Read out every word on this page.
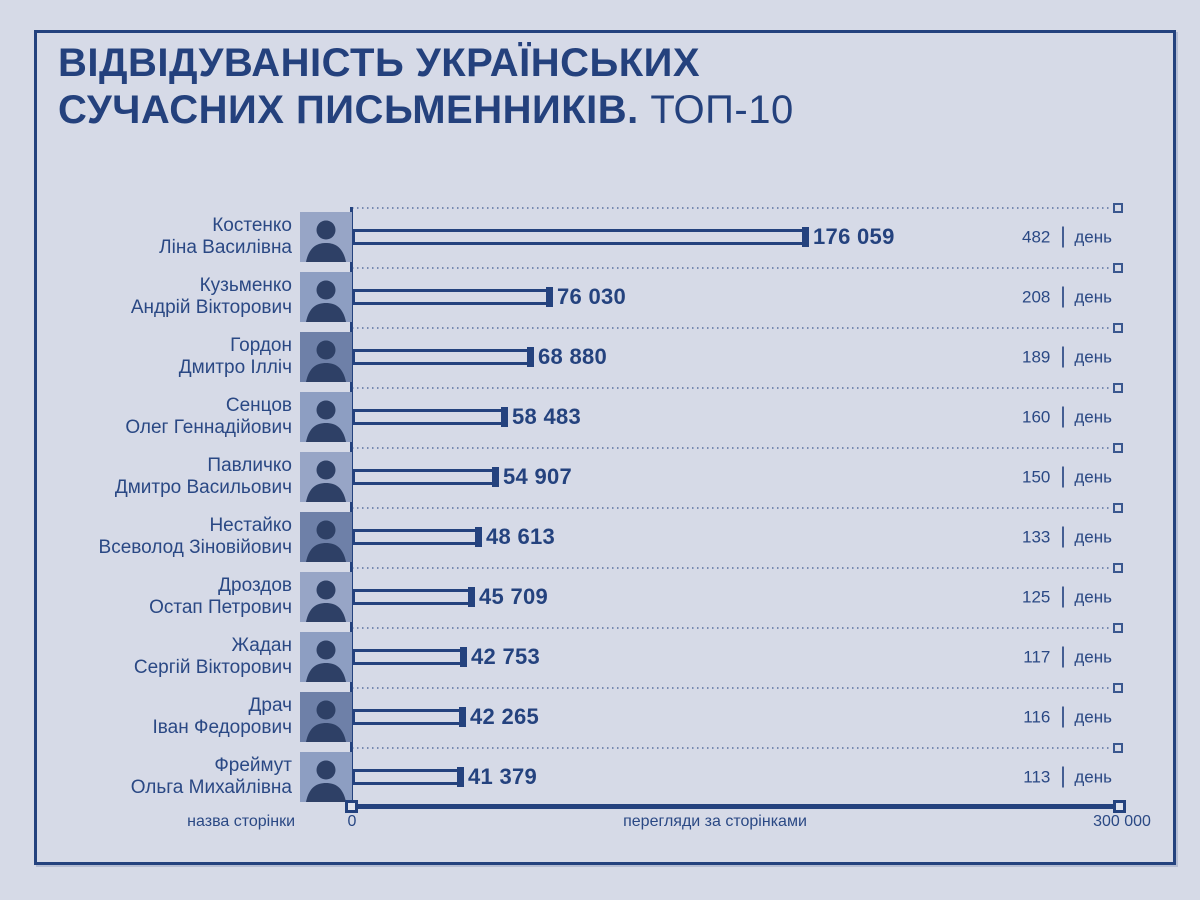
ВІДВІДУВАНІСТЬ УКРАЇНСЬКИХ
СУЧАСНИХ ПИСЬМЕННИКІВ. ТОП-10
Костенко
Ліна Василівна	176 059	482 день
Кузьменко
Андрій Вікторович	76 030	208 день
Гордон
Дмитро Ілліч	68 880	189 день
Сенцов
Олег Геннадійович	58 483	160 день
Павличко
Дмитро Васильович	54 907	150 день
Нестайко
Всеволод Зіновійович	48 613	133 день
Дроздов
Остап Петрович	45 709	125 день
Жадан
Сергій Вікторович	42 753	117 день
Драч
Іван Федорович	42 265	116 день
Фреймут
Ольга Михайлівна	41 379	113 день
назва сторінки	0	перегляди за сторінками	300 000
